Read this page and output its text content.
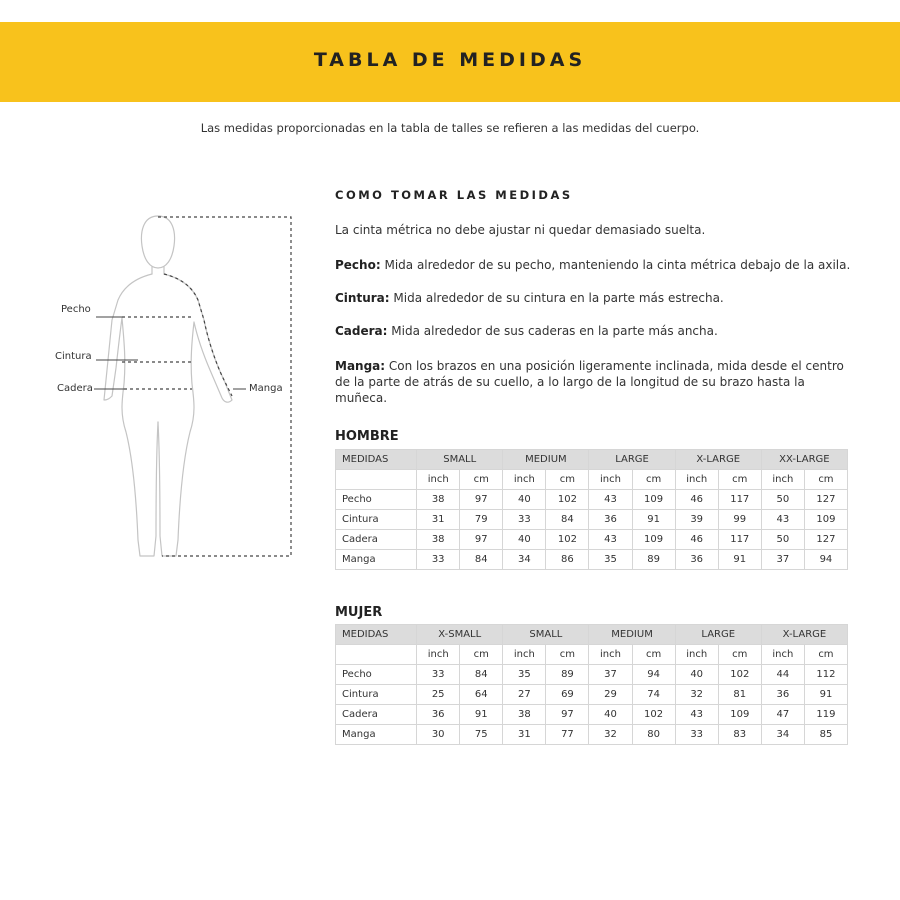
TABLA DE MEDIDAS
Las medidas proporcionadas en la tabla de talles se refieren a las medidas del cuerpo.
Pecho
Cintura
Cadera	Manga
COMO TOMAR LAS MEDIDAS
La cinta métrica no debe ajustar ni quedar demasiado suelta.
Pecho: Mida alrededor de su pecho, manteniendo la cinta métrica debajo de la axila.
Cintura: Mida alrededor de su cintura en la parte más estrecha.
Cadera: Mida alrededor de sus caderas en la parte más ancha.
Manga: Con los brazos en una posición ligeramente inclinada, mida desde el centro de la parte de atrás de su cuello, a lo largo de la longitud de su brazo hasta la muñeca.
HOMBRE
MEDIDAS	SMALL		MEDIUM		LARGE		X-LARGE		XX-LARGE	
	inch	cm	inch	cm	inch	cm	inch	cm	inch	cm
Pecho	38	97	40	102	43	109	46	117	50	127
Cintura	31	79	33	84	36	91	39	99	43	109
Cadera	38	97	40	102	43	109	46	117	50	127
Manga	33	84	34	86	35	89	36	91	37	94
MUJER
MEDIDAS	X-SMALL		SMALL		MEDIUM		LARGE		X-LARGE	
	inch	cm	inch	cm	inch	cm	inch	cm	inch	cm
Pecho	33	84	35	89	37	94	40	102	44	112
Cintura	25	64	27	69	29	74	32	81	36	91
Cadera	36	91	38	97	40	102	43	109	47	119
Manga	30	75	31	77	32	80	33	83	34	85
